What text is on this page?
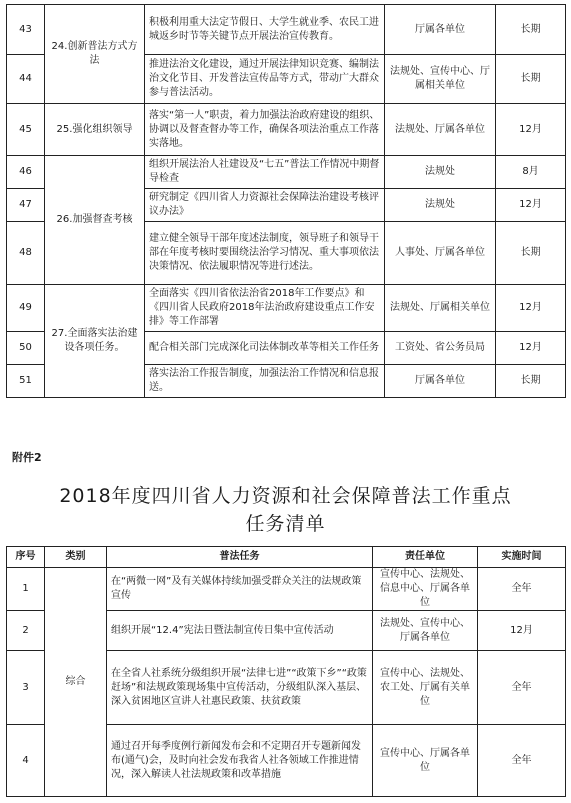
43	24.创新普法方式方法	积极利用重大法定节假日、大学生就业季、农民工进城返乡时节等关键节点开展法治宣传教育。	厅属各单位	长期
44		推进法治文化建设，通过开展法律知识竞赛、编制法治文化节目、开发普法宣传品等方式，带动广大群众参与普法活动。	法规处、宣传中心、厅属相关单位	长期
45	25.强化组织领导	落实“第一人”职责，着力加强法治政府建设的组织、协调以及督查督办等工作，确保各项法治重点工作落实落地。	法规处、厅属各单位	12月
46	26.加强督查考核	组织开展法治人社建设及“七五”普法工作情况中期督导检查	法规处	8月
47		研究制定《四川省人力资源社会保障法治建设考核评议办法》	法规处	12月
48		建立健全领导干部年度述法制度，领导班子和领导干部在年度考核时要围绕法治学习情况、重大事项依法决策情况、依法履职情况等进行述法。	人事处、厅属各单位	长期
49	27.全面落实法治建设各项任务。	全面落实《四川省依法治省2018年工作要点》和《四川省人民政府2018年法治政府建设重点工作安排》等工作部署	法规处、厅属相关单位	12月
50		配合相关部门完成深化司法体制改革等相关工作任务	工资处、省公务员局	12月
51		落实法治工作报告制度，加强法治工作情况和信息报送。	厅属各单位	长期
附件2
2018年度四川省人力资源和社会保障普法工作重点
任务清单
序号	类别	普法任务	责任单位	实施时间
1	综合	在“两微一网”及有关媒体持续加强受群众关注的法规政策宣传	宣传中心、法规处、信息中心、厅属各单位	全年
2		组织开展“12.4”宪法日暨法制宣传日集中宣传活动	法规处、宣传中心、厅属各单位	12月
3		在全省人社系统分级组织开展“法律七进”“政策下乡”“政策赶场”和法规政策现场集中宣传活动，分级组队深入基层、深入贫困地区宣讲人社惠民政策、扶贫政策	宣传中心、法规处、农工处、厅属有关单位	全年
4		通过召开每季度例行新闻发布会和不定期召开专题新闻发布(通气)会，及时向社会发布我省人社各领域工作推进情况，深入解读人社法规政策和改革措施	宣传中心、厅属各单位	全年
